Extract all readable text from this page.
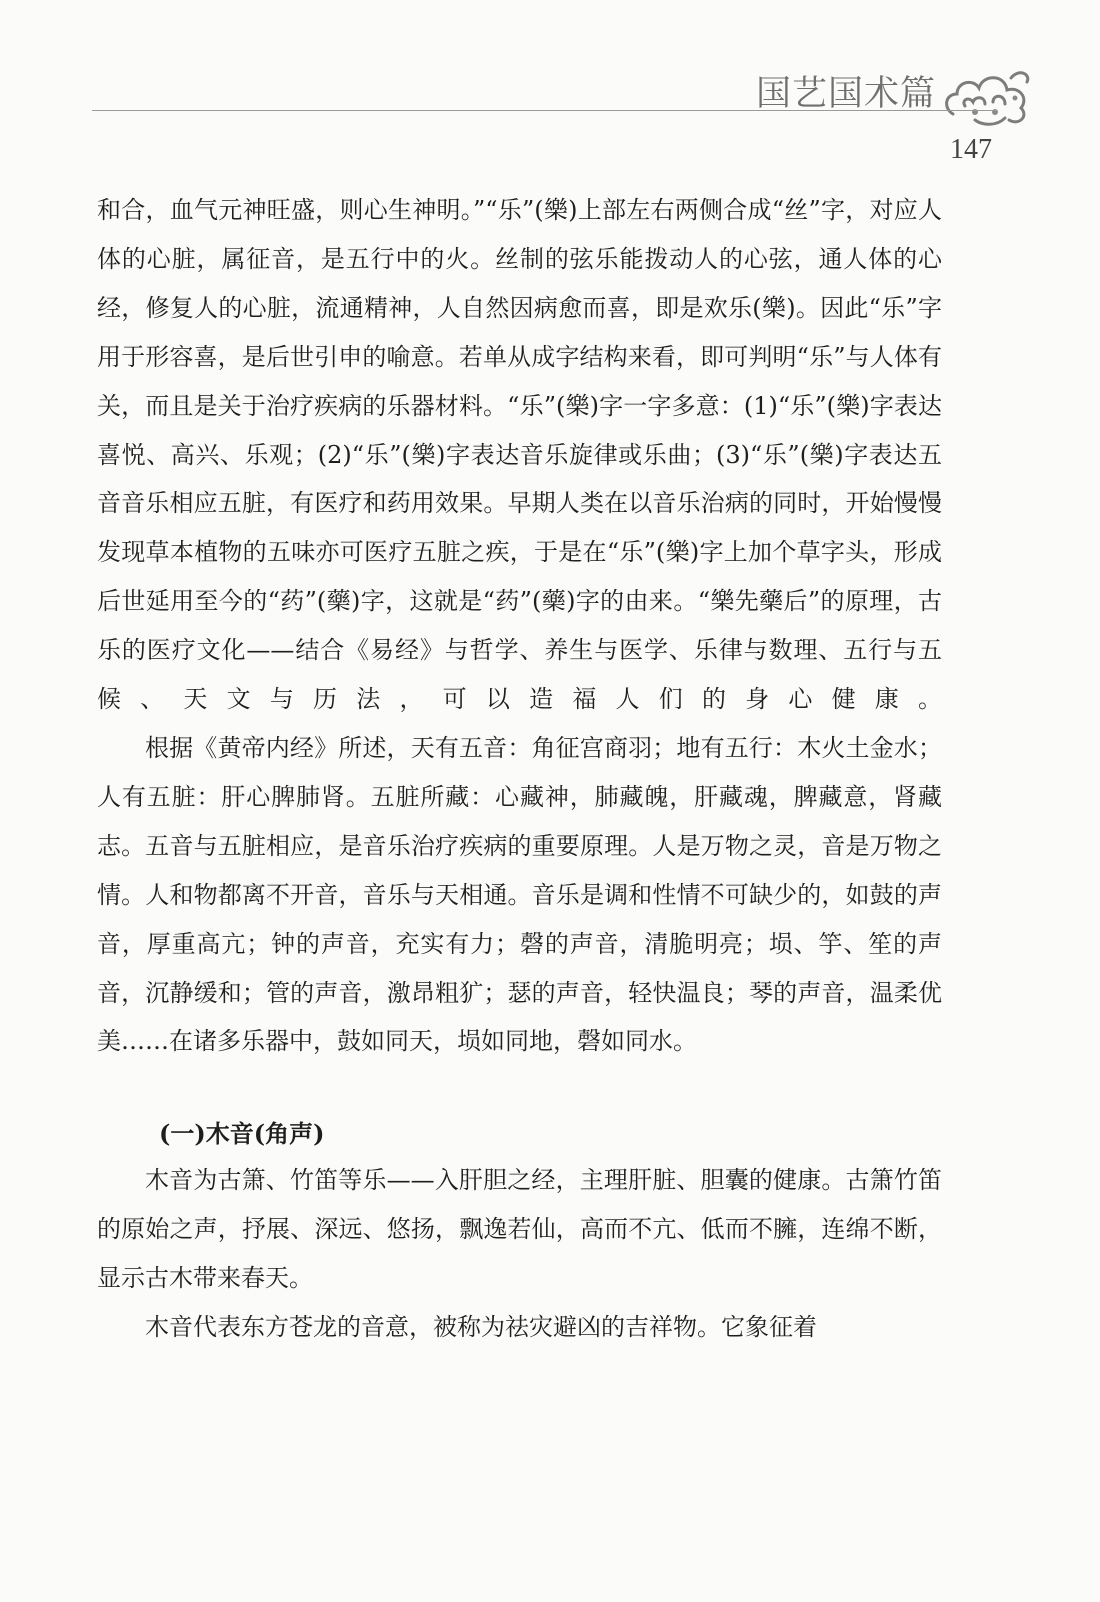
国艺国术篇
147

和合，血气元神旺盛，则心生神明。”“乐”(樂)上部左右两侧合成“丝”字，对应人体的心脏，属征音，是五行中的火。丝制的弦乐能拨动人的心弦，通人体的心经，修复人的心脏，流通精神，人自然因病愈而喜，即是欢乐(樂)。因此“乐”字用于形容喜，是后世引申的喻意。若单从成字结构来看，即可判明“乐”与人体有关，而且是关于治疗疾病的乐器材料。“乐”(樂)字一字多意：(1)“乐”(樂)字表达喜悦、高兴、乐观；(2)“乐”(樂)字表达音乐旋律或乐曲；(3)“乐”(樂)字表达五音音乐相应五脏，有医疗和药用效果。早期人类在以音乐治病的同时，开始慢慢发现草本植物的五味亦可医疗五脏之疾，于是在“乐”(樂)字上加个草字头，形成后世延用至今的“药”(藥)字，这就是“药”(藥)字的由来。“樂先藥后”的原理，古乐的医疗文化——结合《易经》与哲学、养生与医学、乐律与数理、五行与五候、天文与历法，可以造福人们的身心健康。

根据《黄帝内经》所述，天有五音：角征宫商羽；地有五行：木火土金水；人有五脏：肝心脾肺肾。五脏所藏：心藏神，肺藏魄，肝藏魂，脾藏意，肾藏志。五音与五脏相应，是音乐治疗疾病的重要原理。人是万物之灵，音是万物之情。人和物都离不开音，音乐与天相通。音乐是调和性情不可缺少的，如鼓的声音，厚重高亢；钟的声音，充实有力；磬的声音，清脆明亮；埙、竽、笙的声音，沉静缓和；管的声音，激昂粗犷；瑟的声音，轻快温良；琴的声音，温柔优美……在诸多乐器中，鼓如同天，埙如同地，磬如同水。

(一)木音(角声)

木音为古箫、竹笛等乐——入肝胆之经，主理肝脏、胆囊的健康。古箫竹笛的原始之声，抒展、深远、悠扬，飘逸若仙，高而不亢、低而不臃，连绵不断，显示古木带来春天。

木音代表东方苍龙的音意，被称为祛灾避凶的吉祥物。它象征着
